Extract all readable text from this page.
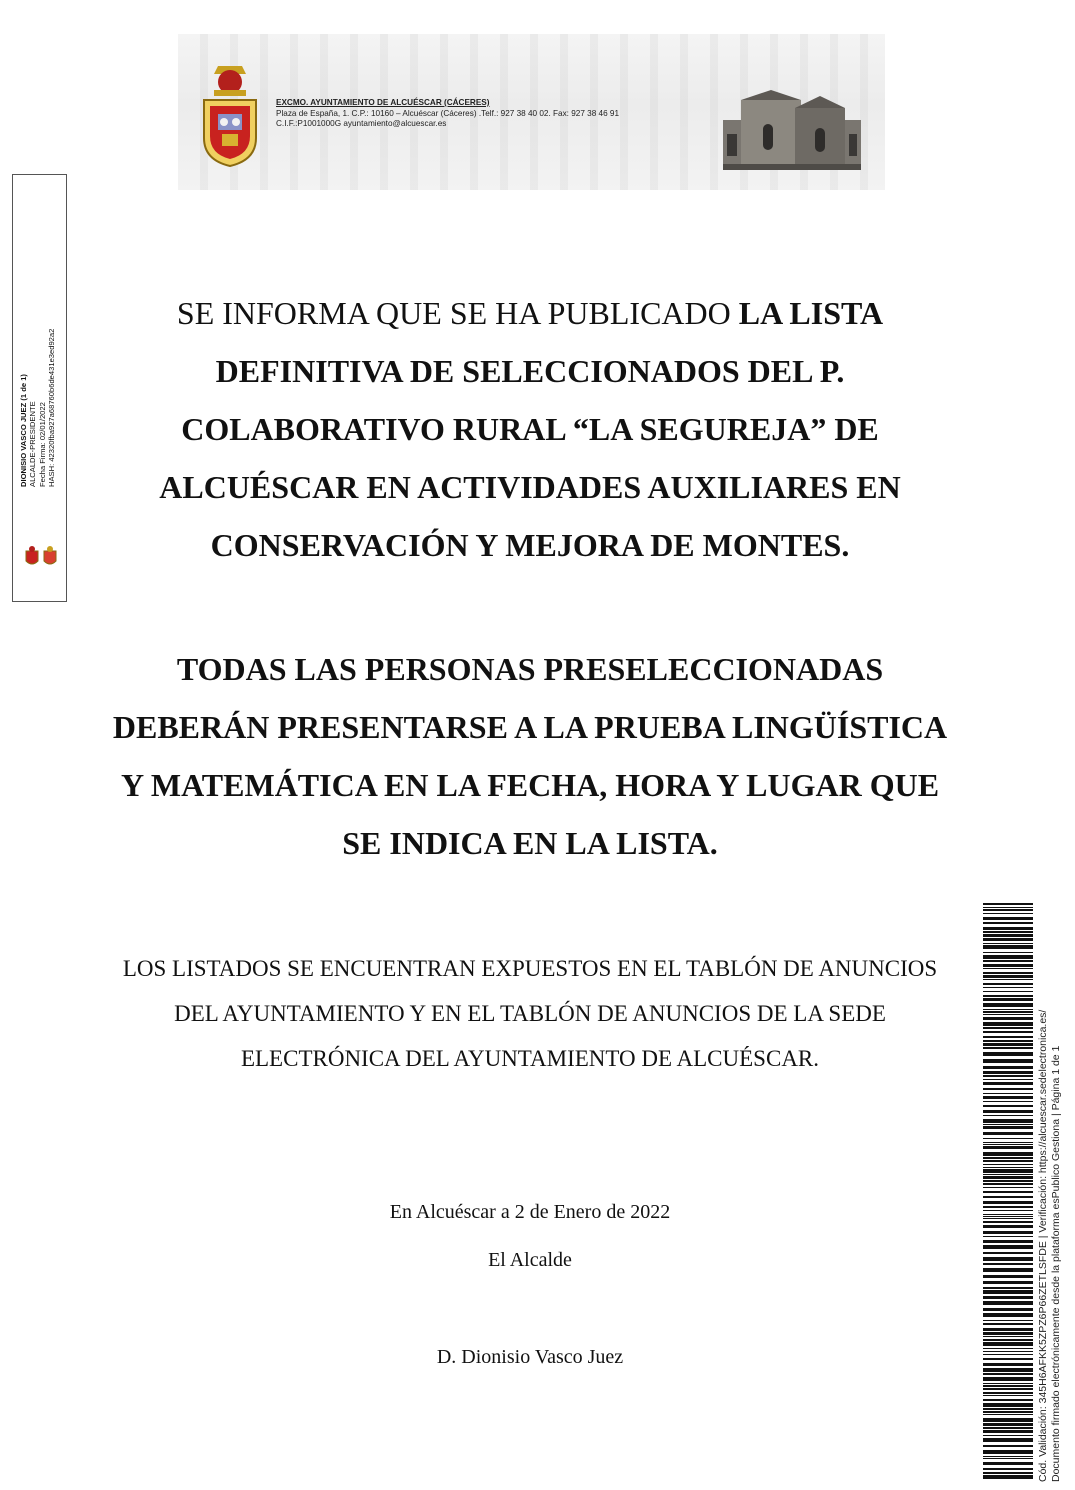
EXCMO. AYUNTAMIENTO DE ALCUÉSCAR (CÁCERES)
Plaza de España, 1. C.P.: 10160 – Alcuéscar (Cáceres) .Telf.: 927 38 40 02. Fax: 927 38 46 91
C.I.F.:P1001000G ayuntamiento@alcuescar.es
DIONISIO VASCO JUEZ (1 de 1) ALCALDE-PRESIDENTE Fecha Firma: 02/01/2022 HASH: 42320fba927a68760b6de431e3ed92a2
SE INFORMA QUE SE HA PUBLICADO LA LISTA DEFINITIVA DE SELECCIONADOS DEL P. COLABORATIVO RURAL “LA SEGUREJA” DE ALCUÉSCAR EN ACTIVIDADES AUXILIARES EN CONSERVACIÓN Y MEJORA DE MONTES.
TODAS LAS PERSONAS PRESELECCIONADAS DEBERÁN PRESENTARSE A LA PRUEBA LINGÜÍSTICA Y MATEMÁTICA EN LA FECHA, HORA Y LUGAR QUE SE INDICA EN LA LISTA.
LOS LISTADOS SE ENCUENTRAN EXPUESTOS EN EL TABLÓN DE ANUNCIOS DEL AYUNTAMIENTO Y EN EL TABLÓN DE ANUNCIOS DE LA SEDE ELECTRÓNICA DEL AYUNTAMIENTO DE ALCUÉSCAR.
En Alcuéscar a 2 de Enero de 2022
El Alcalde
D. Dionisio Vasco Juez	Cód. Validación: 345H6AFKK5ZPZ6P66ZETLSFDE | Verificación: https://alcuescar.sedelectronica.es/ Documento firmado electrónicamente desde la plataforma esPublico Gestiona | Página 1 de 1
